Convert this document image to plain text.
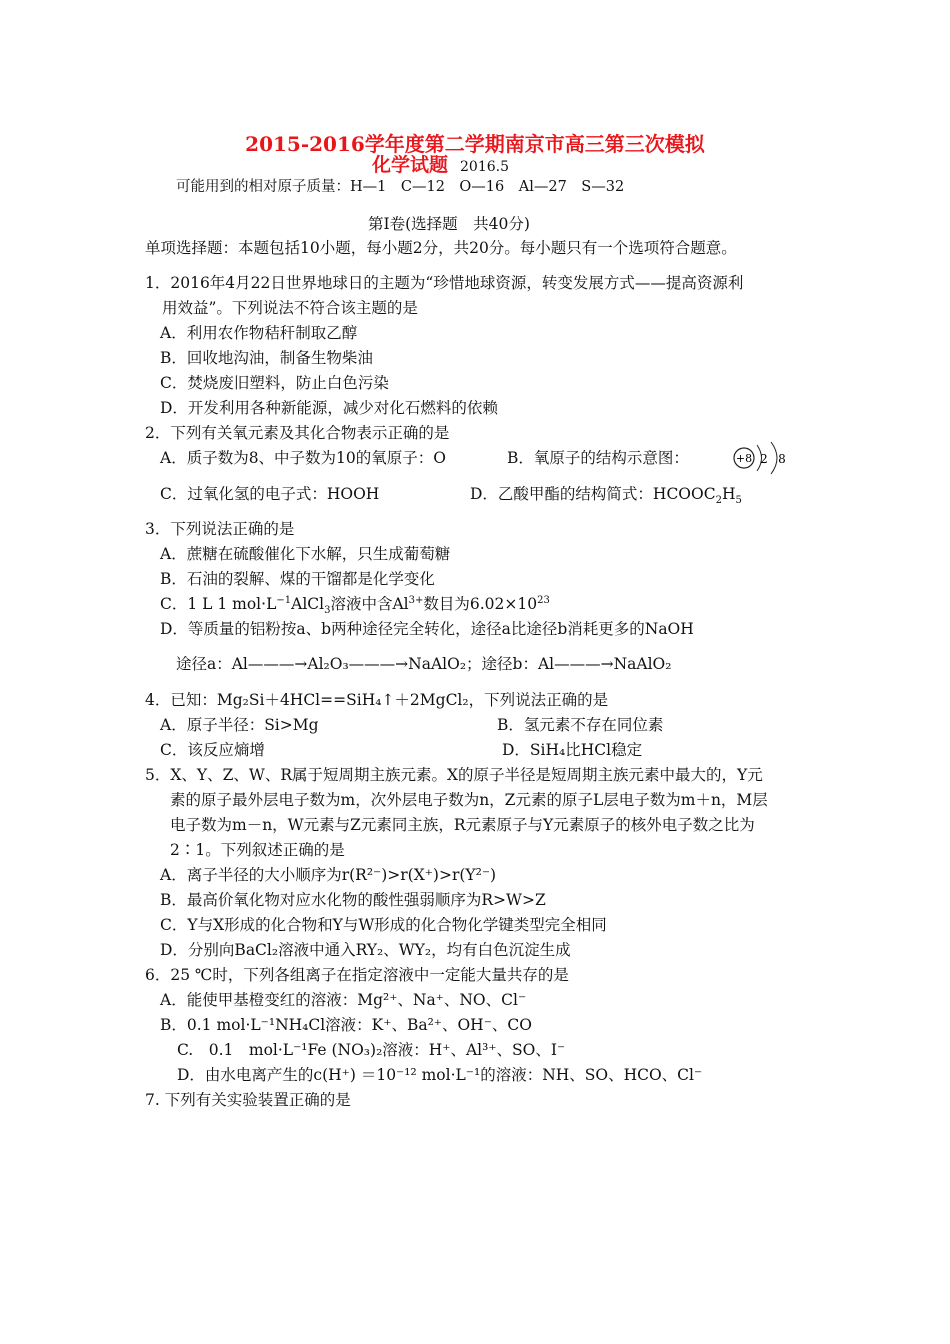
2015-2016学年度第二学期南京市高三第三次模拟
化学试题 2016.5
可能用到的相对原子质量：H—1　C—12　O—16　Al—27　S—32
第Ⅰ卷(选择题　共40分)
单项选择题：本题包括10小题，每小题2分，共20分。每小题只有一个选项符合题意。
1．2016年4月22日世界地球日的主题为“珍惜地球资源，转变发展方式——提高资源利
用效益”。下列说法不符合该主题的是
A．利用农作物秸秆制取乙醇
B．回收地沟油，制备生物柴油
C．焚烧废旧塑料，防止白色污染
D．开发利用各种新能源，减少对化石燃料的依赖
2．下列有关氧元素及其化合物表示正确的是
A．质子数为8、中子数为10的氧原子：O	B．氧原子的结构示意图：	+8 2 8
C．过氧化氢的电子式：HOOH	D．乙酸甲酯的结构简式：$HCOOC_2H_5$
3．下列说法正确的是
A．蔗糖在硫酸催化下水解，只生成葡萄糖
B．石油的裂解、煤的干馏都是化学变化
C．1 L 1 $mol\cdot L^{-1}AlCl_3$溶液中含$Al^{3+}$数目为$6.02\times 10^{23}$
D．等质量的铝粉按a、b两种途径完全转化，途径a比途径b消耗更多的NaOH
途径a：Al———→Al₂O₃———→NaAlO₂；途径b：Al———→NaAlO₂
4．已知：Mg₂Si＋4HCl==SiH₄↑＋2MgCl₂，下列说法正确的是
A．原子半径：Si>Mg	B．氢元素不存在同位素
C．该反应熵增	D．SiH₄比HCl稳定
5．X、Y、Z、W、R属于短周期主族元素。X的原子半径是短周期主族元素中最大的，Y元
素的原子最外层电子数为m，次外层电子数为n，Z元素的原子L层电子数为m＋n，M层
电子数为m－n，W元素与Z元素同主族，R元素原子与Y元素原子的核外电子数之比为
2∶1。下列叙述正确的是
A．离子半径的大小顺序为r(R²⁻)>r(X⁺)>r(Y²⁻)
B．最高价氧化物对应水化物的酸性强弱顺序为R>W>Z
C．Y与X形成的化合物和Y与W形成的化合物化学键类型完全相同
D．分别向BaCl₂溶液中通入RY₂、WY₂，均有白色沉淀生成
6．25 ℃时，下列各组离子在指定溶液中一定能大量共存的是
A．能使甲基橙变红的溶液：Mg²⁺、Na⁺、NO、Cl⁻
B．0.1 mol·L⁻¹NH₄Cl溶液：K⁺、Ba²⁺、OH⁻、CO
C.　0.1　mol·L⁻¹Fe (NO₃)₂溶液：H⁺、Al³⁺、SO、I⁻
D．由水电离产生的c(H⁺) ＝10⁻¹² mol·L⁻¹的溶液：NH、SO、HCO、Cl⁻
7. 下列有关实验装置正确的是
